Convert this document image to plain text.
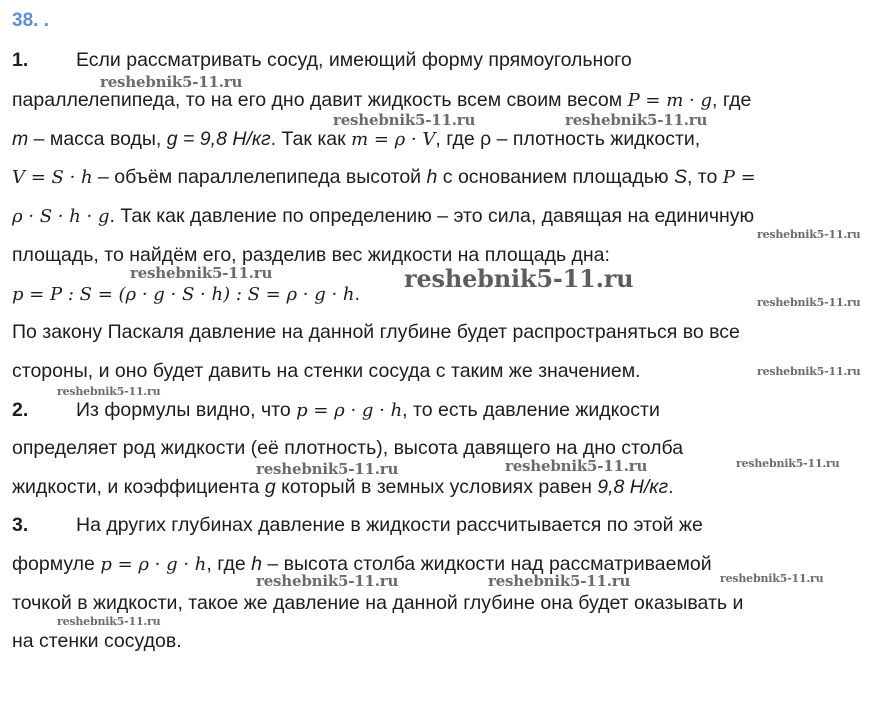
38. .
1. Если рассматривать сосуд, имеющий форму прямоугольного
параллелепипеда, то на его дно давит жидкость всем своим весом P = m · g, где
m – масса воды, g = 9,8 Н/кг. Так как m = ρ · V, где ρ – плотность жидкости,
V = S · h – объём параллелепипеда высотой h с основанием площадью S, то P =
ρ · S · h · g. Так как давление по определению – это сила, давящая на единичную
площадь, то найдём его, разделив вес жидкости на площадь дна:
p = P : S = (ρ · g · S · h) : S = ρ · g · h.
По закону Паскаля давление на данной глубине будет распространяться во все
стороны, и оно будет давить на стенки сосуда с таким же значением.
2. Из формулы видно, что p = ρ · g · h, то есть давление жидкости
определяет род жидкости (её плотность), высота давящего на дно столба
жидкости, и коэффициента g который в земных условиях равен 9,8 Н/кг.
3. На других глубинах давление в жидкости рассчитывается по этой же
формуле p = ρ · g · h, где h – высота столба жидкости над рассматриваемой
точкой в жидкости, такое же давление на данной глубине она будет оказывать и
на стенки сосудов.
reshebnik5-11.ru
reshebnik5-11.ru	reshebnik5-11.ru
reshebnik5-11.ru
reshebnik5-11.ru	reshebnik5-11.ru
reshebnik5-11.ru
reshebnik5-11.ru
reshebnik5-11.ru
reshebnik5-11.ru	reshebnik5-11.ru	reshebnik5-11.ru
reshebnik5-11.ru	reshebnik5-11.ru	reshebnik5-11.ru
reshebnik5-11.ru
